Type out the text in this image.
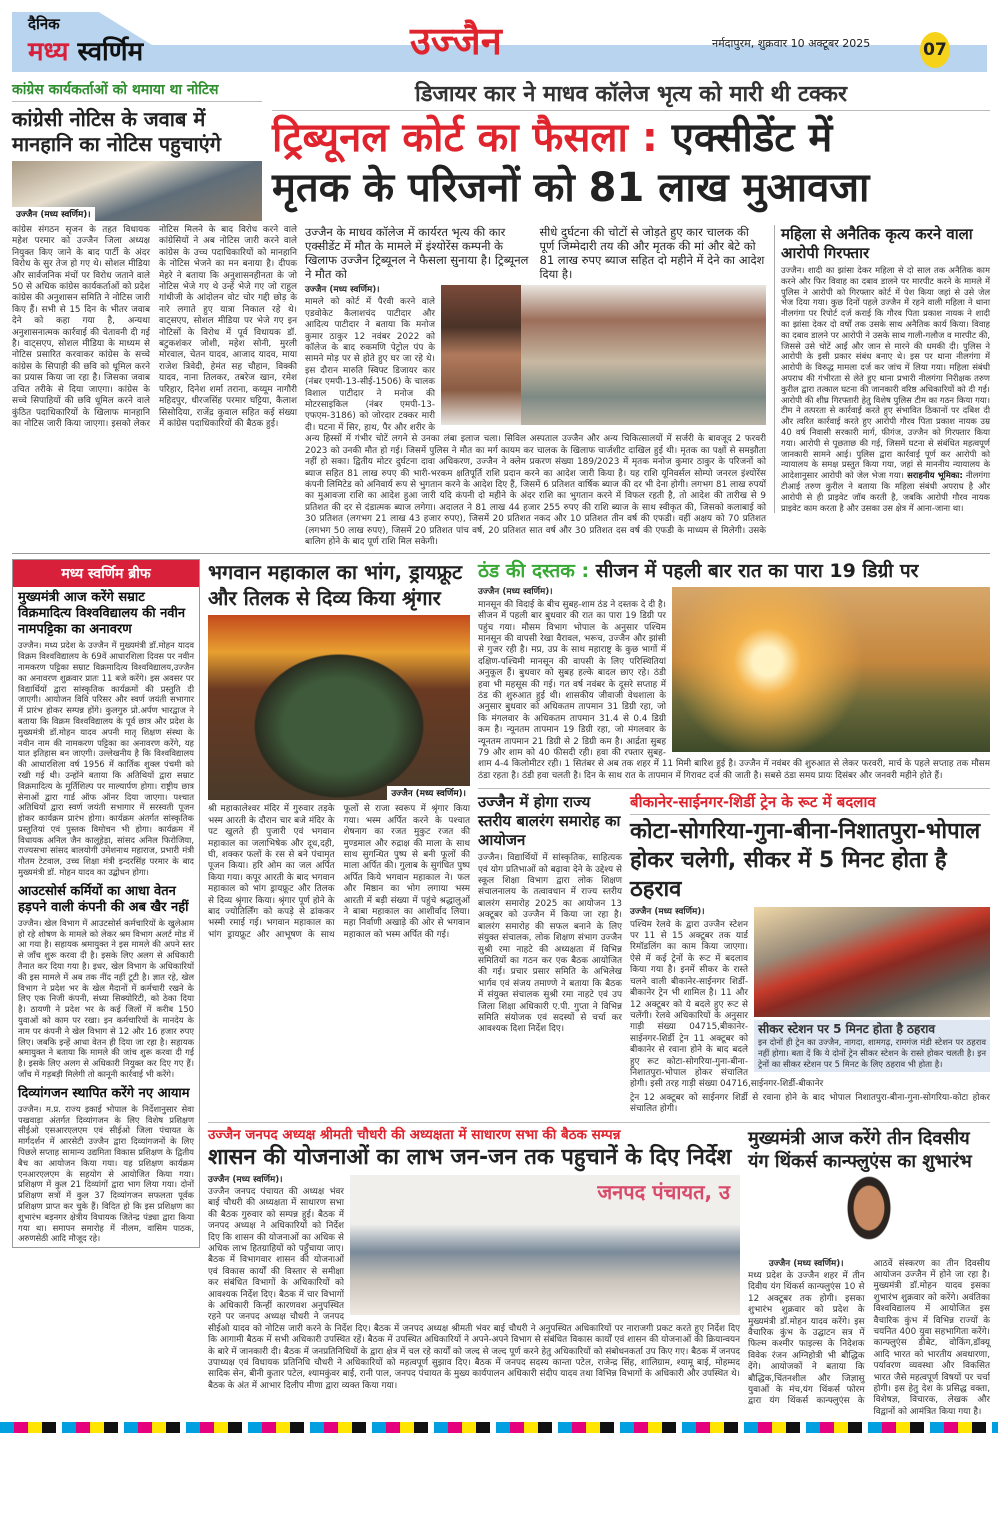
दैनिक
मध्य स्वर्णिम	उज्जैन	नर्मदापुरम, शुक्रवार 10 अक्टूबर 2025	07
कांग्रेस कार्यकर्ताओं को थमाया था नोटिस
कांग्रेसी नोटिस के जवाब में मानहानि का नोटिस पहुचाएंगे
उज्जैन (मध्य स्वर्णिम)।
डिजायर कार ने माधव कॉलेज भृत्य को मारी थी टक्कर
ट्रिब्यूनल कोर्ट का फैसला : एक्सीडेंट में
मृतक के परिजनों को 81 लाख मुआवजा
कांग्रेस संगठन सृजन के तहत विधायक महेश परमार को उज्जैन जिला अध्यक्ष नियुक्त किए जाने के बाद पार्टी के अंदर विरोध के सुर तेज हो गए थे। सोशल मीडिया और सार्वजनिक मंचों पर विरोध जताने वाले 50 से अधिक कांग्रेस कार्यकर्ताओं को प्रदेश कांग्रेस की अनुशासन समिति ने नोटिस जारी किए हैं। सभी से 15 दिन के भीतर जवाब देने को कहा गया है, अन्यथा अनुशासनात्मक कार्रवाई की चेतावनी दी गई है। वाट्सएप, सोशल मीडिया के माध्यम से नोटिस प्रसारित करवाकर कांग्रेस के सच्चे कांग्रेस के सिपाही की छवि को धूमिल करने का प्रयास किया जा रहा है। जिसका जवाब उचित तरीके से दिया जाएगा। कांग्रेस के सच्चे सिपाहियों की छवि धूमिल करने वाले कुंठित पदाधिकारियों के खिलाफ मानहानि का नोटिस जारी किया जाएगा। इसको लेकर नोटिस मिलने के बाद विरोध करने वाले कांग्रेसियों ने अब नोटिस जारी करने वाले कांग्रेस के उच्च पदाधिकारियों को मानहानि के नोटिस भेजने का मन बनाया है। दीपक मेहरे ने बताया कि अनुशासनहीनता के जो नोटिस भेजे गए थे उन्हें भेजे गए जो राहुल गांधीजी के आंदोलन वोट चोर गद्दी छोड़ के नारे लगाते हुए यात्रा निकाल रहे थे। वाट्सएप, सोशल मीडिया पर भेजे गए इन नोटिसों के विरोध में पूर्व विधायक डॉ. बटुकशंकर जोशी, महेश सोनी, मुरली मोरवाल, चेतन यादव, आजाद यादव, माया राजेश त्रिवेदी, हेमंत सह चौहान, विक्की यादव, नाना तिलकर, तबरेज खान, रमेश परिहार, दिनेश शर्मा तराना, कय्यूम नागौरी महिदपुर, धीरजसिंह परमार घट्टिया, कैलाश सिसोदिया, राजेंद्र कुवाल सहित कई संख्या में कांग्रेस पदाधिकारियों की बैठक हुई।
उज्जैन के माधव कॉलेज में कार्यरत भृत्य की कार एक्सीडेंट में मौत के मामले में इंश्योरेंस कम्पनी के खिलाफ उज्जैन ट्रिब्यूनल ने फैसला सुनाया है। ट्रिब्यूनल ने मौत को
सीधे दुर्घटना की चोटों से जोड़ते हुए कार चालक की पूर्ण जिम्मेदारी तय की और मृतक की मां और बेटे को 81 लाख रुपए ब्याज सहित दो महीने में देने का आदेश दिया है।
उज्जैन (मध्य स्वर्णिम)।
मामले को कोर्ट में पैरवी करने वाले एडवोकेट कैलाशचंद पाटीदार और आदित्य पाटीदार ने बताया कि मनोज कुमार ठाकुर 12 नवंबर 2022 को कॉलेज के बाद रुकमणि पेट्रोल पंप के सामने मोड़ पर से होते हुए घर जा रहे थे। इस दौरान मारुति स्विफ्ट डिजायर कार (नंबर एमपी-13-सीई-1506) के चालक विशाल पाटीदार ने मनोज की मोटरसाइकिल (नंबर एमपी-13-एफएम-3186) को जोरदार टक्कर मारी दी। घटना में सिर, हाथ, पैर और शरीर के अन्य हिस्सों में गंभीर चोटें लगने से उनका लंबा इलाज चला। सिविल अस्पताल उज्जैन और अन्य चिकित्सालयों में सर्जरी के बावजूद 2 फरवरी 2023 को उनकी मौत हो गई। जिसमें पुलिस ने मौत का मर्ग कायम कर चालक के खिलाफ चार्जशीट दाखिल हुई थी। मृतक का पक्षों से समझौता नहीं हो सका। द्वितीय मोटर दुर्घटना दावा अधिकरण, उज्जैन ने क्लेम प्रकरण संख्या 189/2023 में मृतक मनोज कुमार ठाकुर के परिजनों को ब्याज सहित 81 लाख रुपए की भारी-भरकम क्षतिपूर्ति राशि प्रदान करने का आदेश जारी किया है। यह राशि यूनिवर्सल सोम्पो जनरल इंश्योरेंस कंपनी लिमिटेड को अनिवार्य रूप से भुगतान करने के आदेश दिए हैं, जिसमें 6 प्रतिशत वार्षिक ब्याज की दर भी देना होगी। लगभग 81 लाख रुपयों का मुआवजा राशि का आदेश हुआ जारी यदि कंपनी दो महीने के अंदर राशि का भुगतान करने में विफल रहती है, तो आदेश की तारीख से 9 प्रतिशत की दर से दंडात्मक ब्याज लगेगा। अदालत ने 81 लाख 44 हजार 255 रुपए की राशि ब्याज के साथ स्वीकृत की, जिसको कलाबाई को 30 प्रतिशत (लगभग 21 लाख 43 हजार रुपए), जिसमें 20 प्रतिशत नकद और 10 प्रतिशत तीन वर्ष की एफडी। वहीं अक्षय को 70 प्रतिशत (लगभग 50 लाख रुपए), जिसमें 20 प्रतिशत पांच वर्ष, 20 प्रतिशत सात वर्ष और 30 प्रतिशत दस वर्ष की एफडी के माध्यम से मिलेगी। उसके बालिग होने के बाद पूर्ण राशि मिल सकेगी।
महिला से अनैतिक कृत्य करने वाला आरोपी गिरफ्तार
उज्जैन। शादी का झांसा देकर महिला से दो साल तक अनैतिक काम करने और फिर विवाह का दबाव डालने पर मारपीट करने के मामले में पुलिस ने आरोपी को गिरफ्तार कोर्ट में पेश किया जहां से उसे जेल भेज दिया गया। कुछ दिनों पहले उज्जैन में रहने वाली महिला ने थाना नीलगंगा पर रिपोर्ट दर्ज कराई कि गौरव पिता प्रकाश नायक ने शादी का झांसा देकर दो वर्षों तक उसके साथ अनैतिक कार्य किया। विवाह का दबाव डालने पर आरोपी ने उसके साथ गाली-गलौज व मारपीट की, जिससे उसे चोटें आईं और जान से मारने की धमकी दी। पुलिस ने आरोपी के इसी प्रकार संबंध बनाए थे। इस पर थाना नीलगंगा में आरोपी के विरुद्ध मामला दर्ज कर जांच में लिया गया। महिला संबंधी अपराध की गंभीरता से लेते हुए थाना प्रभारी नीलगंगा निरीक्षक तरुण कुरील द्वारा तत्काल घटना की जानकारी वरिष्ठ अधिकारियों को दी गई। आरोपी की शीघ्र गिरफ्तारी हेतु विशेष पुलिस टीम का गठन किया गया। टीम ने तत्परता से कार्रवाई करते हुए संभावित ठिकानों पर दबिश दी और त्वरित कार्रवाई करते हुए आरोपी गौरव पिता प्रकाश नायक उम्र 40 वर्ष निवासी सरकारी मार्ग, फीगंज, उज्जैन को गिरफ्तार किया गया। आरोपी से पूछताछ की गई, जिसमें घटना से संबंधित महत्वपूर्ण जानकारी सामने आई। पुलिस द्वारा कार्रवाई पूर्ण कर आरोपी को न्यायालय के समक्ष प्रस्तुत किया गया, जहां से माननीय न्यायालय के आदेशानुसार आरोपी को जेल भेजा गया। सराहनीय भूमिका: नीलगंगा टीआई तरुण कुरील ने बताया कि महिला संबंधी अपराध है और आरोपी से ही प्राइवेट जॉब करती है, जबकि आरोपी गौरव नायक प्राइवेट काम करता है और उसका उस क्षेत्र में आना-जाना था।
मध्य स्वर्णिम ब्रीफ
मुख्यमंत्री आज करेंगे सम्राट विक्रमादित्य विश्वविद्यालय की नवीन नामपट्टिका का अनावरण
उज्जैन। मध्य प्रदेश के उज्जैन में मुख्यमंत्री डॉ.मोहन यादव विक्रम विश्वविद्यालय के 69वें आधारशिला दिवस पर नवीन नामकरण पट्टिका सम्राट विक्रमादित्य विश्वविद्यालय,उज्जैन का अनावरण शुक्रवार प्रातः 11 बजे करेंगे। इस अवसर पर विद्यार्थियों द्वारा सांस्कृतिक कार्यक्रमों की प्रस्तुति दी जाएगी। आयोजन विवि परिसर और स्वर्ण जयंती सभागार में प्रारंभ होकर सम्पन्न होंगे। कुलगुरु प्रो.अर्पण भारद्वाज ने बताया कि विक्रम विश्वविद्यालय के पूर्व छात्र और प्रदेश के मुख्यमंत्री डॉ.मोहन यादव अपनी मातृ शिक्षण संस्था के नवीन नाम की नामकरण पट्टिका का अनावरण करेंगे, यह यात इतिहास बन जाएगी। उल्लेखनीय है कि विश्वविद्यालय की आधारशिला वर्ष 1956 में कार्तिक शुक्ल पंचमी को रखी गई थी। उन्होंने बताया कि अतिथियों द्वारा सम्राट विक्रमादित्य के मूर्तिशिल्प पर माल्यार्पण होगा। राष्ट्रीय छात्र सेनाओं द्वारा गार्ड ऑफ ऑनर दिया जाएगा। पश्चात अतिथियों द्वारा स्वर्ण जयंती सभागार में सरस्वती पूजन होकर कार्यक्रम प्रारंभ होगा। कार्यक्रम अंतर्गत सांस्कृतिक प्रस्तुतियां एवं पुस्तक विमोचन भी होगा। कार्यक्रम में विधायक अनिल जैन कालूहेड़ा, सांसद अनिल फिरोजिया, राज्यसभा सांसद बालयोगी उमेशनाथ महाराज, प्रभारी मंत्री गौतम टेटवाल, उच्च शिक्षा मंत्री इन्दरसिंह परमार के बाद मुख्यमंत्री डॉ. मोहन यादव का उद्बोधन होगा।
आउटसोर्स कर्मियों का आधा वेतन हड़पने वाली कंपनी की अब खैर नहीं
उज्जैन। खेल विभाग में आउटसोर्स कर्मचारियों के खुलेआम हो रहे शोषण के मामले को लेकर श्रम विभाग अलर्ट मोड में आ गया है। सहायक श्रमायुक्त ने इस मामले की अपने स्तर से जाँच शुरू करवा दी है। इसके लिए अलग से अधिकारी तैनात कर दिया गया है। इधर, खेल विभाग के अधिकारियों की इस मामले में अब तक नींद नहीं टूटी है। ज्ञात रहे, खेल विभाग ने प्रदेश भर के खेल मैदानों में कर्मचारी रखने के लिए एक निजी कंपनी, संध्या सिक्योरिटी, को ठेका दिया है। ठायणी ने प्रदेश भर के कई जिलों में करीब 150 युवाओं को काम पर रखा। इन कर्मचारियों के मानदेय के नाम पर कंपनी ने खेल विभाग से 12 और 16 हजार रुपए लिए। जबकि इन्हें आधा वेतन ही दिया जा रहा है। सहायक श्रमायुक्त ने बताया कि मामले की जांच शुरू करवा दी गई है। इसके लिए अलग से अधिकारी नियुक्त कर दिए गए हैं। जाँच में गड़बड़ी मिलेगी तो कानूनी कार्रवाई भी करेंगे।
दिव्यांगजन स्थापित करेंगे नए आयाम
उज्जैन। म.प्र. राज्य इकाई भोपाल के निर्देशानुसार सेवा पखवाड़ा अंतर्गत दिव्यांगजन के लिए विशेष प्रशिक्षण सीईओ एसआरएलएम एवं सीईओ जिला पंचायत के मार्गदर्शन में आरसेटी उज्जैन द्वारा दिव्यांगजनों के लिए पिछले सप्ताह सामान्य उद्यमिता विकास प्रशिक्षण के द्वितीय बैच का आयोजन किया गया। यह प्रशिक्षण कार्यक्रम एनआरएलएम के सहयोग से आयोजित किया गया। प्रशिक्षण में कुल 21 दिव्यांगों द्वारा भाग लिया गया। दोनों प्रशिक्षण सत्रों में कुल 37 दिव्यांगजन सफलता पूर्वक प्रशिक्षण प्राप्त कर चुके हैं। विदित हो कि इस प्रशिक्षण का शुभारंभ बड़नगर क्षेत्रीय विधायक जितेन्द्र पंड्या द्वारा किया गया था। समापन समारोह में नीलम, वासिम पाठक, अरुणसेठी आदि मौजूद रहे।
भगवान महाकाल का भांग, ड्रायफ्रूट और तिलक से दिव्य किया श्रृंगार
उज्जैन (मध्य स्वर्णिम)।
श्री महाकालेश्वर मंदिर में गुरुवार तड़के भस्म आरती के दौरान चार बजे मंदिर के पट खुलते ही पुजारी एवं भगवान महाकाल का जलाभिषेक और दूध,दही, घी, शक्कर फलों के रस से बने पंचामृत पूजन किया। हरि ओम का जल अर्पित किया गया। कपूर आरती के बाद भगवान महाकाल को भांग ड्रायफ्रूट और तिलक से दिव्य श्रृंगार किया। श्रृंगार पूर्ण होने के बाद ज्योतिर्लिंग को कपड़े से ढांककर भस्मी रमाई गई। भगवान महाकाल का भांग ड्रायफ्रूट और आभूषण के साथ फूलों से राजा स्वरूप में श्रृंगार किया गया। भस्म अर्पित करने के पश्चात शेषनाग का रजत मुकुट रजत की मुण्डमाल और रुद्राक्ष की माला के साथ साथ सुगन्धित पुष्प से बनी फूलों की माला अर्पित की। गुलाब के सुगंधित पुष्प अर्पित किये भगवान महाकाल ने। फल और मिष्ठान का भोग लगाया भस्म आरती में बड़ी संख्या में पहुंचे श्रद्धालुओं ने बाबा महाकाल का आशीर्वाद लिया। महा निर्वाणी अखाड़े की ओर से भगवान महाकाल को भस्म अर्पित की गई।
ठंड की दस्तक : सीजन में पहली बार रात का पारा 19 डिग्री पर
उज्जैन (मध्य स्वर्णिम)।
मानसून की विदाई के बीच सुबह-शाम ठंड ने दस्तक दे दी है। सीजन में पहली बार बुधवार की रात का पारा 19 डिग्री पर पहुंच गया। मौसम विभाग भोपाल के अनुसार पश्चिम मानसून की वापसी रेखा वैरावल, भरूच, उज्जैन और झांसी से गुजर रही है। मप्र, उप्र के साथ महाराष्ट्र के कुछ भागों में दक्षिण-पश्चिमी मानसून की वापसी के लिए परिस्थितियां अनुकूल हैं। बुधवार को सुबह हल्के बादल छाए रहे। ठंडी हवा भी महसूस की गई। गत वर्ष नवंबर के दूसरे सप्ताह में ठंड की शुरुआत हुई थी। शासकीय जीवाजी वेधशाला के अनुसार बुधवार को अधिकतम तापमान 31 डिग्री रहा, जो कि मंगलवार के अधिकतम तापमान 31.4 से 0.4 डिग्री कम है। न्यूनतम तापमान 19 डिग्री रहा, जो मंगलवार के न्यूनतम तापमान 21 डिग्री से 2 डिग्री कम है। आर्द्रता सुबह 79 और शाम को 40 फीसदी रही। हवा की रफ्तार सुबह-शाम 4-4 किलोमीटर रही। 1 सितंबर से अब तक शहर में 11 मिमी बारिश हुई है। उज्जैन में नवंबर की शुरुआत से लेकर फरवरी, मार्च के पहले सप्ताह तक मौसम ठंडा रहता है। ठंडी हवा चलती है। दिन के साथ रात के तापमान में गिरावट दर्ज की जाती है। सबसे ठंडा समय प्रायः दिसंबर और जनवरी महीने होते हैं।
उज्जैन में होगा राज्य स्तरीय बालरंग समारोह का आयोजन
उज्जैन। विद्यार्थियों में सांस्कृतिक, साहित्यक एवं योग प्रतिभाओं को बढ़ावा देने के उद्देश्य से स्कूल शिक्षा विभाग द्वारा लोक शिक्षण संचालनालय के तत्वावधान में राज्य स्तरीय बालरंग समारोह 2025 का आयोजन 13 अक्टूबर को उज्जैन में किया जा रहा है। बालरंग समारोह की सफल बनाने के लिए संयुक्त संचालक, लोक शिक्षण संभाग उज्जैन सुश्री रमा नाहटे की अध्यक्षता में विभिन्न समितियों का गठन कर एक बैठक आयोजित की गई। प्रचार प्रसार समिति के अभिलेख भार्गव एवं संजय तमाण्णे ने बताया कि बैठक में संयुक्त संचालक सुश्री रमा नाहटे एवं उप जिला शिक्षा अधिकारी ए.पी. गुप्ता ने विभिन्न समिति संयोजक एवं सदस्यों से चर्चा कर आवश्यक दिशा निर्देश दिए।
बीकानेर-साईनगर-शिर्डी ट्रेन के रूट में बदलाव
कोटा-सोगरिया-गुना-बीना-निशातपुरा-भोपाल होकर चलेगी, सीकर में 5 मिनट होता है ठहराव
सीकर स्टेशन पर 5 मिनट होता है ठहराव
इन दोनों ही ट्रेन का उज्जैन, नागदा, शामगढ़, रामगंज मंडी स्टेशन पर ठहराव नहीं होगा। बता दें कि ये दोनों ट्रेन सीकर स्टेशन के रास्ते होकर चलती है। इन ट्रेनों का सीकर स्टेशन पर 5 मिनट के लिए ठहराव भी होता है।
उज्जैन (मध्य स्वर्णिम)।
पश्चिम रेलवे के द्वारा उज्जैन स्टेशन पर 11 से 15 अक्टूबर तक यार्ड रिमॉडलिंग का काम किया जाएगा। ऐसे में कई ट्रेनों के रूट में बदलाव किया गया है। इनमें सीकर के रास्ते चलने वाली बीकानेर-साईनगर शिर्डी-बीकानेर ट्रेन भी शामिल है। 11 और 12 अक्टूबर को ये बदले हुए रूट से चलेंगी। रेलवे अधिकारियों के अनुसार गाड़ी संख्या 04715,बीकानेर-साईनगर-शिर्डी ट्रेन 11 अक्टूबर को बीकानेर से रवाना होने के बाद बदले हुए रूट कोटा-सोगरिया-गुना-बीना-निशातपुरा-भोपाल होकर संचालित होगी। इसी तरह गाड़ी संख्या 04716,साईनगर-शिर्डी-बीकानेर
ट्रेन 12 अक्टूबर को साईनगर शिर्डी से रवाना होने के बाद भोपाल निशातपुरा-बीना-गुना-सोगरिया-कोटा होकर संचालित होगी।
उज्जैन जनपद अध्यक्ष श्रीमती चौधरी की अध्यक्षता में साधारण सभा की बैठक सम्पन्न
शासन की योजनाओं का लाभ जन-जन तक पहुचानें के दिए निर्देश
जनपद पंचायत, उ
उज्जैन (मध्य स्वर्णिम)।
उज्जैन जनपद पंचायत की अध्यक्ष भंवर बाई चौधरी की अध्यक्षता में साधारण सभा की बैठक गुरुवार को सम्पन्न हुई। बैठक में जनपद अध्यक्ष ने अधिकारियों को निर्देश दिए कि शासन की योजनाओं का अधिक से अधिक लाभ हितग्राहियों को पहुँचाया जाए। बैठक में विभागवार शासन की योजनाओं एवं विकास कार्यों की विस्तार से समीक्षा कर संबंधित विभागों के अधिकारियों को आवश्यक निर्देश दिए। बैठक में चार विभागों के अधिकारी किन्हीं कारणवश अनुपस्थित रहने पर जनपद अध्यक्ष चौधरी ने जनपद सीईओ यादव को नोटिस जारी करने के निर्देश दिए। बैठक में जनपद अध्यक्ष श्रीमती भंवर बाई चौधरी ने अनुपस्थित अधिकारियों पर नाराजगी प्रकट करते हुए निर्देश दिए कि आगामी बैठक में सभी अधिकारी उपस्थित रहें। बैठक में उपस्थित अधिकारियों ने अपने-अपने विभाग से संबंधित विकास कार्यों एवं शासन की योजनाओं की क्रियान्वयन के बारे में जानकारी दी। बैठक में जनप्रतिनिधियों के द्वारा क्षेत्र में चल रहे कार्यों को जल्द से जल्द पूर्ण करने हेतु अधिकारियों को संबोधनकर्ता उप किए गए। बैठक में जनपद उपाध्यक्ष एवं विधायक प्रतिनिधि चौधरी ने अधिकारियों को महत्वपूर्ण सुझाव दिए। बैठक में जनपद सदस्य कान्ता पटेल, राजेन्द्र सिंह, शालिग्राम, श्यामू बाई, मोहम्मद सादिक सेन, बीनी कुतार पटेल, श्यामकुंवर बाई, रानी पाल, जनपद पंचायत के मुख्य कार्यपालन अधिकारी संदीप यादव तथा विभिन्न विभागों के अधिकारी और उपस्थित थे। बैठक के अंत में आभार दिलीप मीणा द्वारा व्यक्त किया गया।
मुख्यमंत्री आज करेंगे तीन दिवसीय यंग थिंकर्स कान्फ्लुएंस का शुभारंभ
उज्जैन (मध्य स्वर्णिम)।
मध्य प्रदेश के उज्जैन शहर में तीन दिवीय यंग थिंकर्स कान्फ्लुएंस 10 से 12 अक्टूबर तक होगी। इसका शुभारंभ शुक्रवार को प्रदेश के मुख्यमंत्री डॉ.मोहन यादव करेंगे। इस वैचारिक कुंभ के उद्घाटन सत्र में फिल्म कश्मीर फाइल्स के निदेशक विवेक रंजन अग्निहोत्री भी बौद्धिक देंगे। आयोजकों ने बताया कि बौद्धिक,चिंतनशील और जिज्ञासु युवाओं के मंच,यंग थिंकर्स फोरम द्वारा यंग थिंकर्स कान्फ्लुएंस के आठवें संस्करण का तीन दिवसीय आयोजन उज्जैन में होने जा रहा है। मुख्यमंत्री डॉ.मोहन यादव इसका शुभारंभ शुक्रवार को करेंगे। अवंतिका विश्वविद्यालय में आयोजित इस वैचारिक कुंभ में विभिन्न राज्यों के चयनित 400 युवा सहभागिता करेंगे। कान्फ्लुएंस डीबेट, वोकिंग,डॉक्यू आदि भारत को भारतीय अवधारणा, पर्यावरण व्यवस्था और विकसित भारत जैसे महत्वपूर्ण विषयों पर चर्चा होगी। इस हेतु देश के प्रसिद्ध वक्ता, विशेषज्ञ, विचारक, लेखक और विद्वानों को आमंत्रित किया गया है।
